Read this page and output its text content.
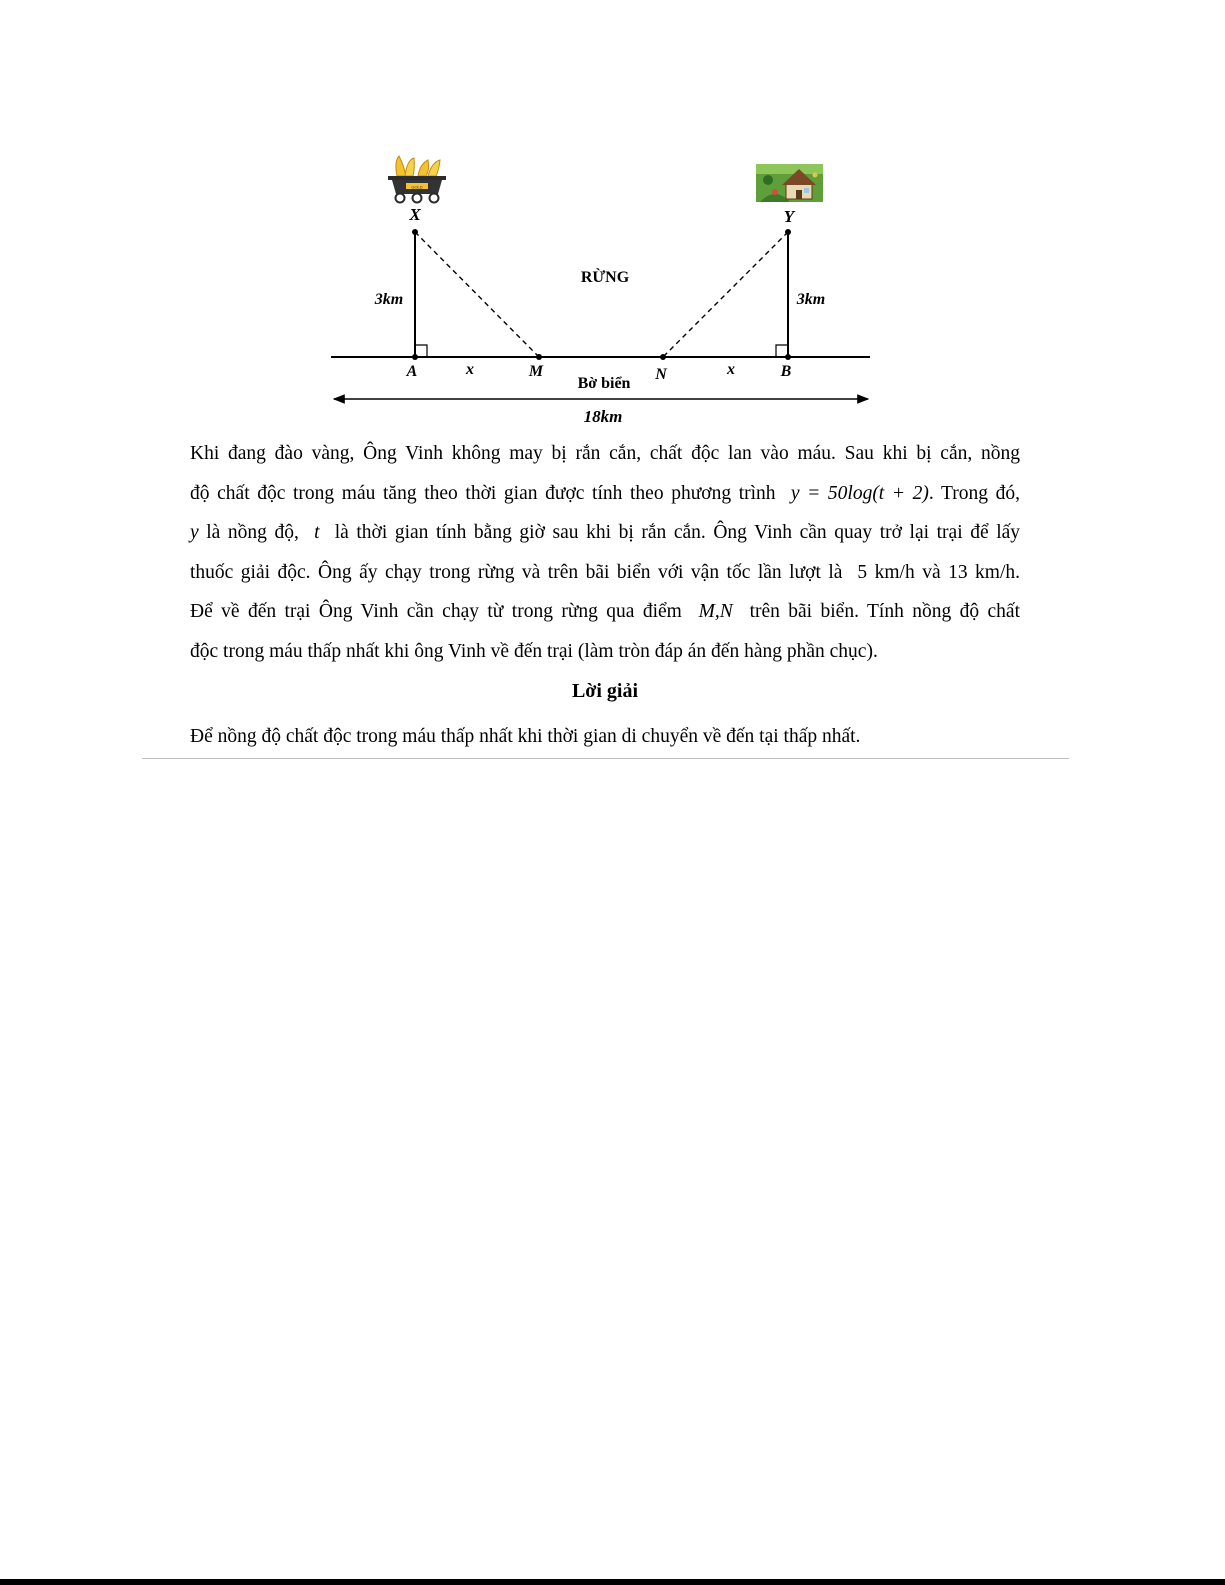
GOLD
X	Y
3km	3km
RỪNG
A	x	M
Bờ biển
N	x	B
18km
Khi đang đào vàng, Ông Vinh không may bị rắn cắn, chất độc lan vào máu. Sau khi bị cắn, nồng
độ chất độc trong máu tăng theo thời gian được tính theo phương trình y = 50log(t + 2). Trong đó,
y là nồng độ, t là thời gian tính bằng giờ sau khi bị rắn cắn. Ông Vinh cần quay trở lại trại để lấy
thuốc giải độc. Ông ấy chạy trong rừng và trên bãi biển với vận tốc lần lượt là 5 km/h và 13 km/h.
Để về đến trại Ông Vinh cần chạy từ trong rừng qua điểm M,N trên bãi biển. Tính nồng độ chất
độc trong máu thấp nhất khi ông Vinh về đến trại (làm tròn đáp án đến hàng phần chục).
Lời giải
Để nồng độ chất độc trong máu thấp nhất khi thời gian di chuyển về đến tại thấp nhất.
